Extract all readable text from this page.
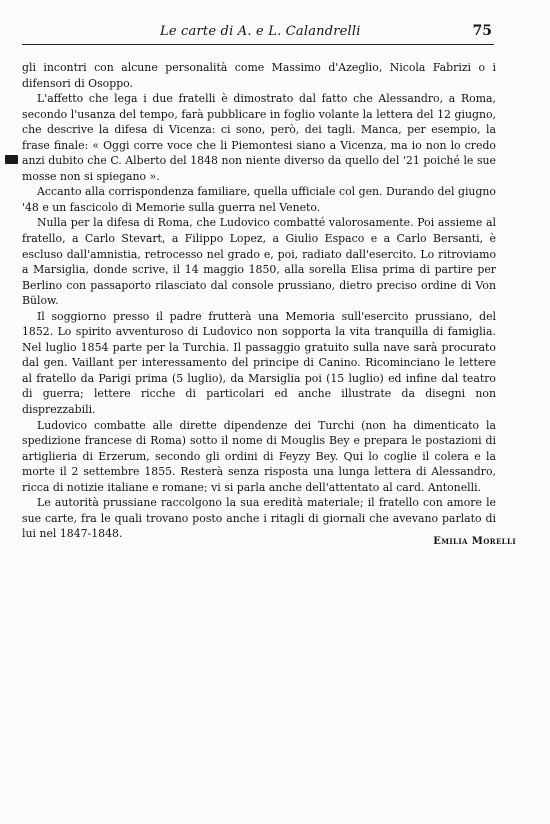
Le carte di A. e L. Calandrelli	75

gli incontri con alcune personalità come Massimo d'Azeglio, Nicola Fabrizi o i difensori di Osoppo.

L'affetto che lega i due fratelli è dimostrato dal fatto che Alessandro, a Roma, secondo l'usanza del tempo, farà pubblicare in foglio volante la lettera del 12 giugno, che descrive la difesa di Vicenza: ci sono, però, dei tagli. Manca, per esempio, la frase finale: « Oggi corre voce che li Piemontesi siano a Vicenza, ma io non lo credo anzi dubito che C. Alberto del 1848 non niente diverso da quello del '21 poiché le sue mosse non si spiegano ».

Accanto alla corrispondenza familiare, quella ufficiale col gen. Durando del giugno '48 e un fascicolo di Memorie sulla guerra nel Veneto.

Nulla per la difesa di Roma, che Ludovico combatté valorosamente. Poi assieme al fratello, a Carlo Stevart, a Filippo Lopez, a Giulio Espaco e a Carlo Bersanti, è escluso dall'amnistia, retrocesso nel grado e, poi, radiato dall'esercito. Lo ritroviamo a Marsiglia, donde scrive, il 14 maggio 1850, alla sorella Elisa prima di partire per Berlino con passaporto rilasciato dal console prussiano, dietro preciso ordine di Von Bülow.

Il soggiorno presso il padre frutterà una Memoria sull'esercito prussiano, del 1852. Lo spirito avventuroso di Ludovico non sopporta la vita tranquilla di famiglia. Nel luglio 1854 parte per la Turchia. Il passaggio gratuito sulla nave sarà procurato dal gen. Vaillant per interessamento del principe di Canino. Ricominciano le lettere al fratello da Parigi prima (5 luglio), da Marsiglia poi (15 luglio) ed infine dal teatro di guerra; lettere ricche di particolari ed anche illustrate da disegni non disprezzabili.

Ludovico combatte alle dirette dipendenze dei Turchi (non ha dimenticato la spedizione francese di Roma) sotto il nome di Mouglis Bey e prepara le postazioni di artiglieria di Erzerum, secondo gli ordini di Feyzy Bey. Qui lo coglie il colera e la morte il 2 settembre 1855. Resterà senza risposta una lunga lettera di Alessandro, ricca di notizie italiane e romane; vi si parla anche dell'attentato al card. Antonelli.

Le autorità prussiane raccolgono la sua eredità materiale; il fratello con amore le sue carte, fra le quali trovano posto anche i ritagli di giornali che avevano parlato di lui nel 1847-1848.

Emilia Morelli
